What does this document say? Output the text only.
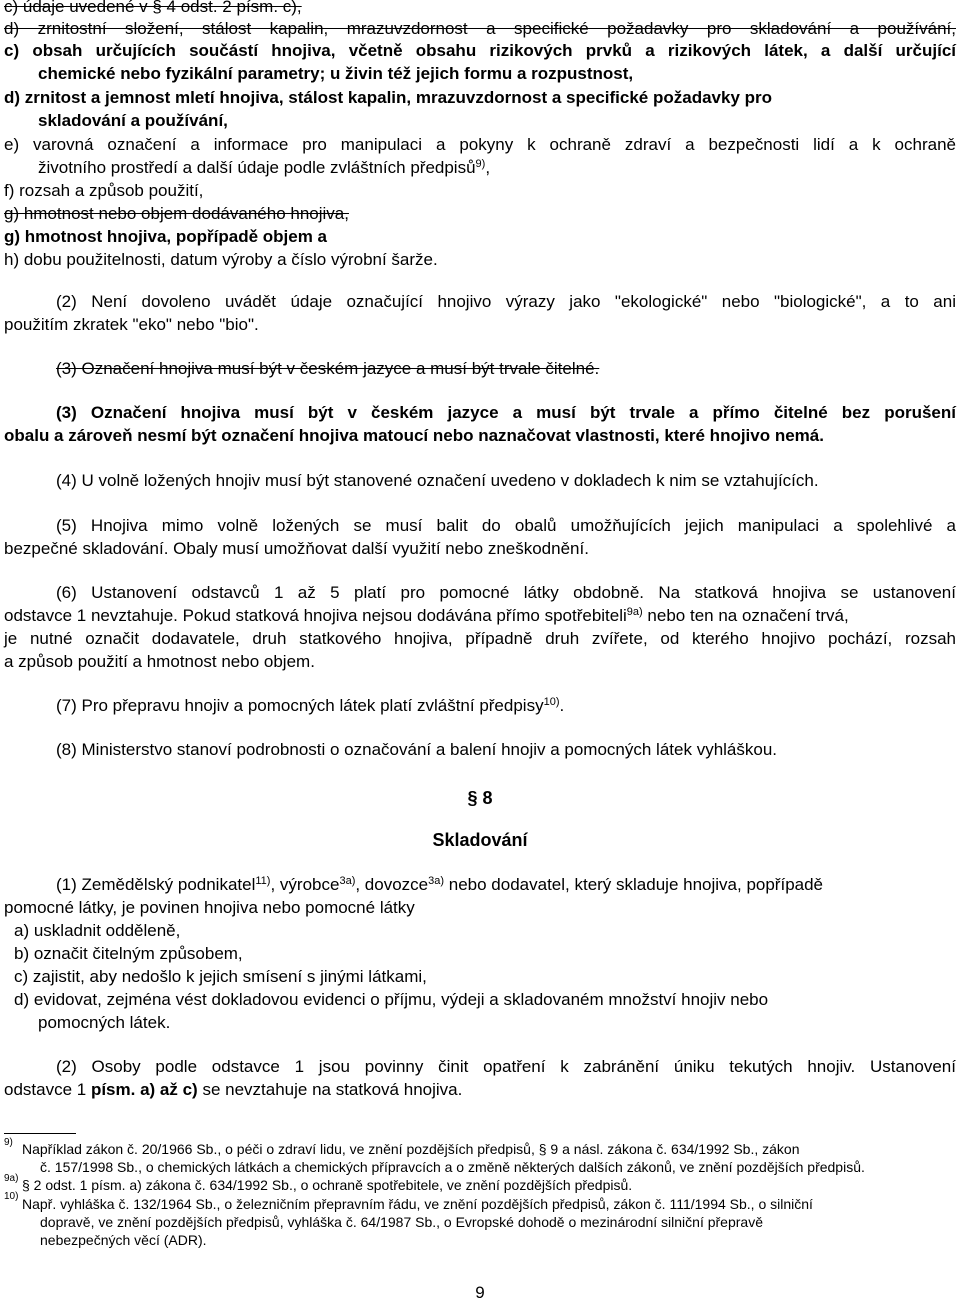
c) údaje uvedené v § 4 odst. 2 písm. c),
d) zrnitostní složení, stálost kapalin, mrazuvzdornost a specifické požadavky pro skladování a používání,
c) obsah určujících součástí hnojiva, včetně obsahu rizikových prvků a rizikových látek, a další určující
chemické nebo fyzikální parametry; u živin též jejich formu a rozpustnost,
d) zrnitost a jemnost mletí hnojiva, stálost kapalin, mrazuvzdornost a specifické požadavky pro
skladování a používání,
e) varovná označení a informace pro manipulaci a pokyny k ochraně zdraví a bezpečnosti lidí a k ochraně
životního prostředí a další údaje podle zvláštních předpisů$^{9)}$,
f) rozsah a způsob použití,
g) hmotnost nebo objem dodávaného hnojiva,
g) hmotnost hnojiva, popřípadě objem a
h) dobu použitelnosti, datum výroby a číslo výrobní šarže.
(2) Není dovoleno uvádět údaje označující hnojivo výrazy jako "ekologické" nebo "biologické", a to ani
použitím zkratek "eko" nebo "bio".
(3) Označení hnojiva musí být v českém jazyce a musí být trvale čitelné.
(3) Označení hnojiva musí být v českém jazyce a musí být trvale a přímo čitelné bez porušení
obalu a zároveň nesmí být označení hnojiva matoucí nebo naznačovat vlastnosti, které hnojivo nemá.
(4) U volně ložených hnojiv musí být stanovené označení uvedeno v dokladech k nim se vztahujících.
(5) Hnojiva mimo volně ložených se musí balit do obalů umožňujících jejich manipulaci a spolehlivé a
bezpečné skladování. Obaly musí umožňovat další využití nebo zneškodnění.
(6) Ustanovení odstavců 1 až 5 platí pro pomocné látky obdobně. Na statková hnojiva se ustanovení
odstavce 1 nevztahuje. Pokud statková hnojiva nejsou dodávána přímo spotřebiteli$^{9a)}$ nebo ten na označení trvá,
je nutné označit dodavatele, druh statkového hnojiva, případně druh zvířete, od kterého hnojivo pochází, rozsah
a způsob použití a hmotnost nebo objem.
(7) Pro přepravu hnojiv a pomocných látek platí zvláštní předpisy$^{10)}$.
(8) Ministerstvo stanoví podrobnosti o označování a balení hnojiv a pomocných látek vyhláškou.
§ 8
Skladování
(1) Zemědělský podnikatel$^{11)}$, výrobce$^{3a)}$, dovozce$^{3a)}$ nebo dodavatel, který skladuje hnojiva, popřípadě
pomocné látky, je povinen hnojiva nebo pomocné látky
a) uskladnit odděleně,
b) označit čitelným způsobem,
c) zajistit, aby nedošlo k jejich smísení s jinými látkami,
d) evidovat, zejména vést dokladovou evidenci o příjmu, výdeji a skladovaném množství hnojiv nebo
pomocných látek.
(2) Osoby podle odstavce 1 jsou povinny činit opatření k zabránění úniku tekutých hnojiv. Ustanovení
odstavce 1 písm. a) až c) se nevztahuje na statková hnojiva.
9) Například zákon č. 20/1966 Sb., o péči o zdraví lidu, ve znění pozdějších předpisů, § 9 a násl. zákona č. 634/1992 Sb., zákon
č. 157/1998 Sb., o chemických látkách a chemických přípravcích a o změně některých dalších zákonů, ve znění pozdějších předpisů.
9a) § 2 odst. 1 písm. a) zákona č. 634/1992 Sb., o ochraně spotřebitele, ve znění pozdějších předpisů.
10) Např. vyhláška č. 132/1964 Sb., o železničním přepravním řádu, ve znění pozdějších předpisů, zákon č. 111/1994 Sb., o silniční
dopravě, ve znění pozdějších předpisů, vyhláška č. 64/1987 Sb., o Evropské dohodě o mezinárodní silniční přepravě
nebezpečných věcí (ADR).
9
